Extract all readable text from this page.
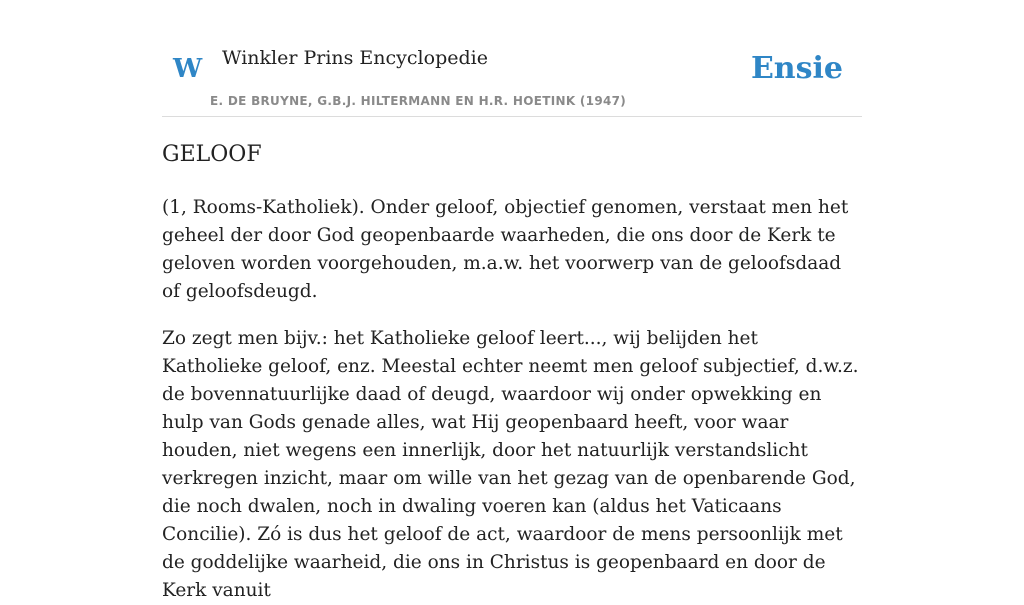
W Winkler Prins Encyclopedie
E. DE BRUYNE, G.B.J. HILTERMANN EN H.R. HOETINK (1947)
Ensie
GELOOF

(1, Rooms-Katholiek). Onder geloof, objectief genomen, verstaat men het geheel der door God geopenbaarde waarheden, die ons door de Kerk te geloven worden voorgehouden, m.a.w. het voorwerp van de geloofsdaad of geloofsdeugd.

Zo zegt men bijv.: het Katholieke geloof leert..., wij belijden het Katholieke geloof, enz. Meestal echter neemt men geloof subjectief, d.w.z. de bovennatuurlijke daad of deugd, waardoor wij onder opwekking en hulp van Gods genade alles, wat Hij geopenbaard heeft, voor waar houden, niet wegens een innerlijk, door het natuurlijk verstandslicht verkregen inzicht, maar om wille van het gezag van de openbarende God, die noch dwalen, noch in dwaling voeren kan (aldus het Vaticaans Concilie). Zó is dus het geloof de act, waardoor de mens persoonlijk met de goddelijke waarheid, die ons in Christus is geopenbaard en door de Kerk vanuit
